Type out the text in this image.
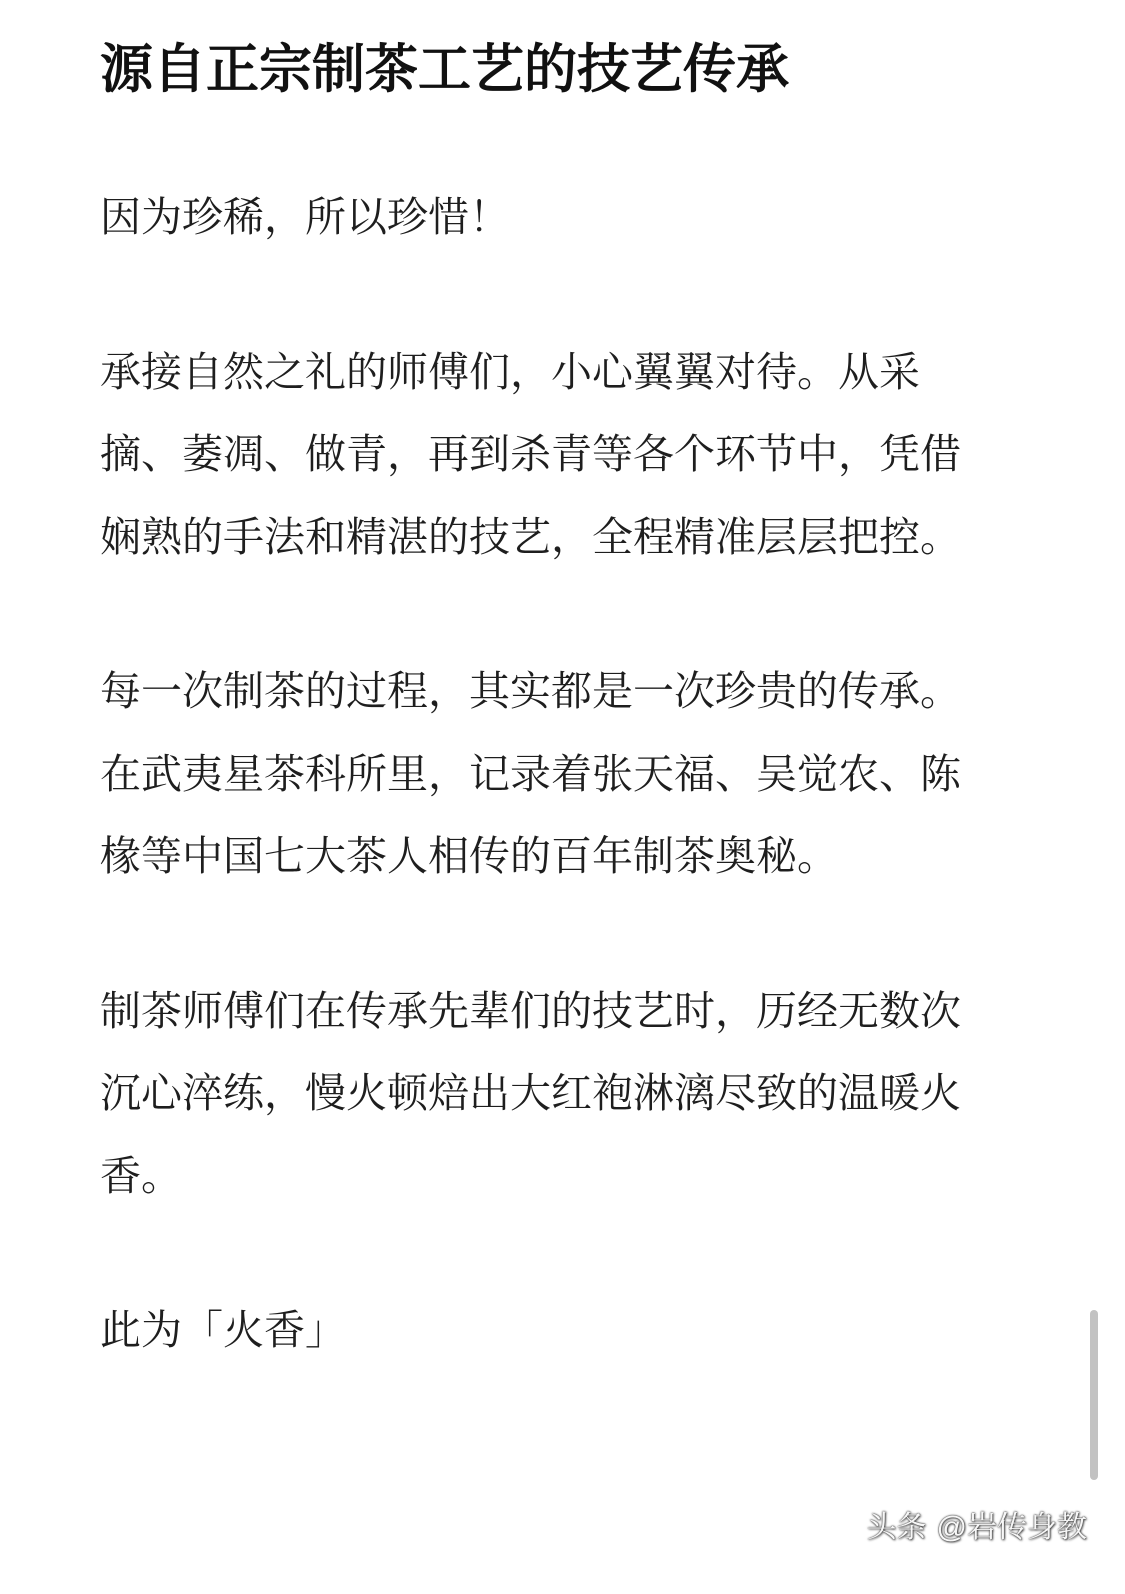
源自正宗制茶工艺的技艺传承
因为珍稀，所以珍惜！
承接自然之礼的师傅们，小心翼翼对待。从采
摘、萎凋、做青，再到杀青等各个环节中，凭借
娴熟的手法和精湛的技艺，全程精准层层把控。
每一次制茶的过程，其实都是一次珍贵的传承。
在武夷星茶科所里，记录着张天福、吴觉农、陈
椽等中国七大茶人相传的百年制茶奥秘。
制茶师傅们在传承先辈们的技艺时，历经无数次
沉心淬练，慢火顿焙出大红袍淋漓尽致的温暖火
香。
此为「火香」
头条 @岩传身教
